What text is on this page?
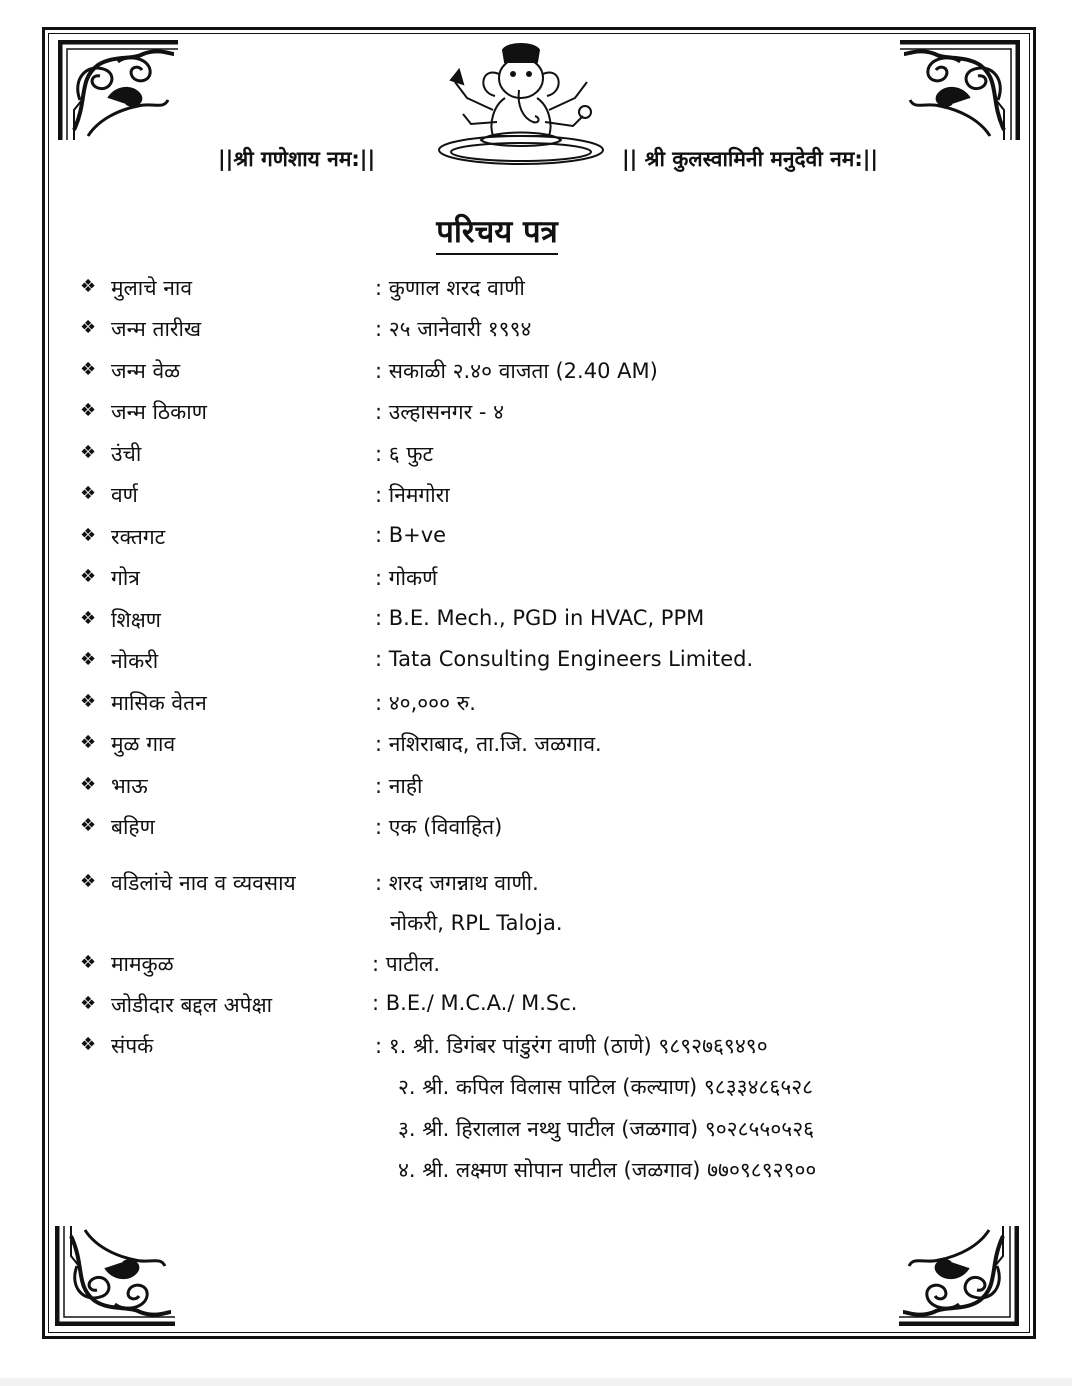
||श्री गणेशाय नम:||	|| श्री कुलस्वामिनी मनुदेवी नम:||
परिचय पत्र
❖ मुलाचे नाव	: कुणाल शरद वाणी
❖ जन्म तारीख	: २५ जानेवारी १९९४
❖ जन्म वेळ	: सकाळी २.४० वाजता (2.40 AM)
❖ जन्म ठिकाण	: उल्हासनगर - ४
❖ उंची	: ६ फुट
❖ वर्ण	: निमगोरा
❖ रक्तगट	: B+ve
❖ गोत्र	: गोकर्ण
❖ शिक्षण	: B.E. Mech., PGD in HVAC, PPM
❖ नोकरी	: Tata Consulting Engineers Limited.
❖ मासिक वेतन	: ४०,००० रु.
❖ मुळ गाव	: नशिराबाद, ता.जि. जळगाव.
❖ भाऊ	: नाही
❖ बहिण	: एक (विवाहित)
❖ वडिलांचे नाव व व्यवसाय	: शरद जगन्नाथ वाणी.
नोकरी, RPL Taloja.
❖ मामकुळ	: पाटील.
❖ जोडीदार बद्दल अपेक्षा	: B.E./ M.C.A./ M.Sc.
❖ संपर्क	: १. श्री. डिगंबर पांडुरंग वाणी (ठाणे) ९८९२७६९४९०
२. श्री. कपिल विलास पाटिल (कल्याण) ९८३३४८६५२८
३. श्री. हिरालाल नथ्थु पाटील (जळगाव) ९०२८५५०५२६
४. श्री. लक्ष्मण सोपान पाटील (जळगाव) ७७०९८९२९००
